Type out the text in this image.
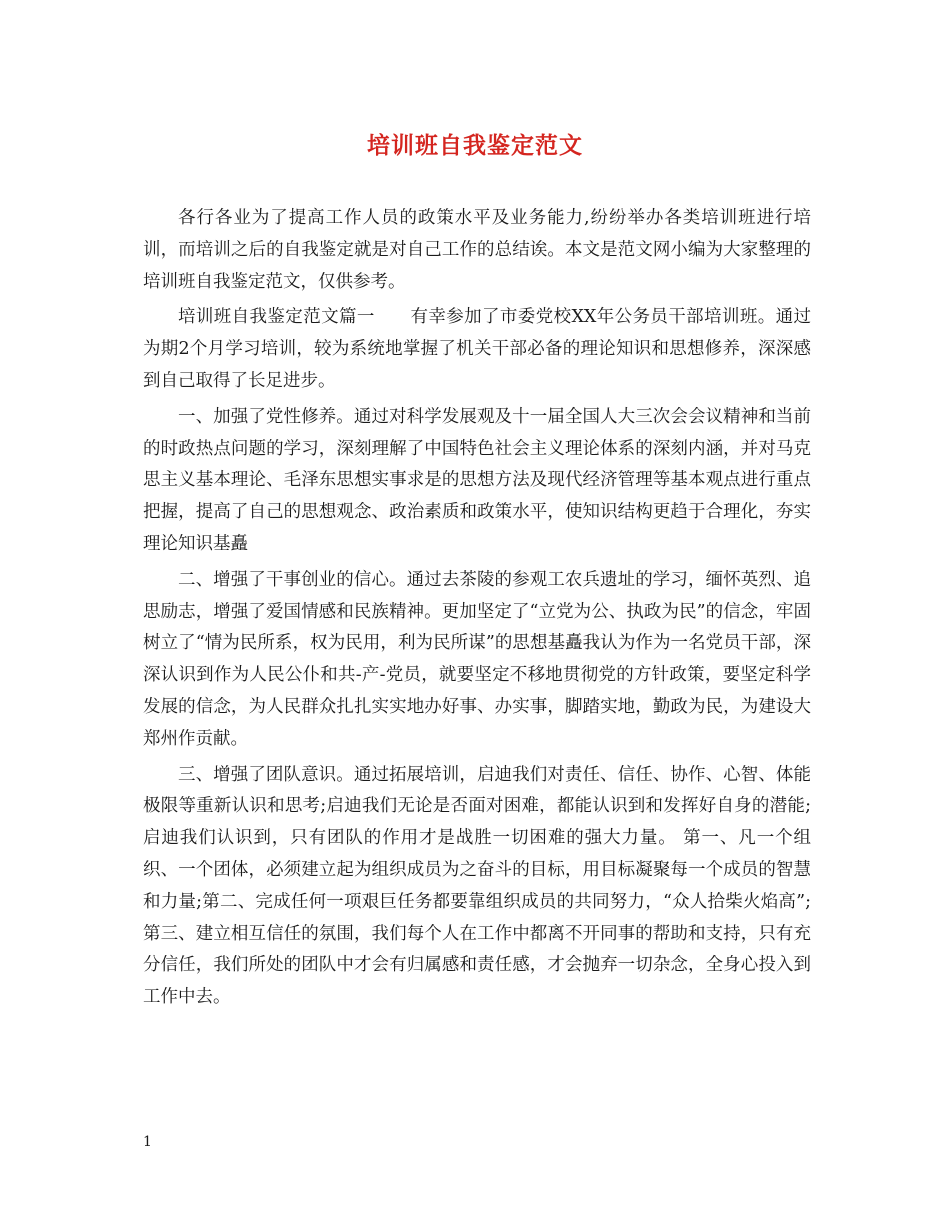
培训班自我鉴定范文

各行各业为了提高工作人员的政策水平及业务能力,纷纷举办各类培训班进行培训，而培训之后的自我鉴定就是对自己工作的总结诶。本文是范文网小编为大家整理的培训班自我鉴定范文，仅供参考。

培训班自我鉴定范文篇一　　有幸参加了市委党校XX年公务员干部培训班。通过为期2个月学习培训，较为系统地掌握了机关干部必备的理论知识和思想修养，深深感到自己取得了长足进步。

一、加强了党性修养。通过对科学发展观及十一届全国人大三次会会议精神和当前的时政热点问题的学习，深刻理解了中国特色社会主义理论体系的深刻内涵，并对马克思主义基本理论、毛泽东思想实事求是的思想方法及现代经济管理等基本观点进行重点把握，提高了自己的思想观念、政治素质和政策水平，使知识结构更趋于合理化，夯实理论知识基矗

二、增强了干事创业的信心。通过去茶陵的参观工农兵遗址的学习，缅怀英烈、追思励志，增强了爱国情感和民族精神。更加坚定了“立党为公、执政为民”的信念，牢固树立了“情为民所系，权为民用，利为民所谋”的思想基矗我认为作为一名党员干部，深深认识到作为人民公仆和共-产-党员，就要坚定不移地贯彻党的方针政策，要坚定科学发展的信念，为人民群众扎扎实实地办好事、办实事，脚踏实地，勤政为民，为建设大郑州作贡献。

三、增强了团队意识。通过拓展培训，启迪我们对责任、信任、协作、心智、体能极限等重新认识和思考;启迪我们无论是否面对困难，都能认识到和发挥好自身的潜能;启迪我们认识到，只有团队的作用才是战胜一切困难的强大力量。 第一、凡一个组织、一个团体，必须建立起为组织成员为之奋斗的目标，用目标凝聚每一个成员的智慧和力量;第二、完成任何一项艰巨任务都要靠组织成员的共同努力，“众人拾柴火焰高”;第三、建立相互信任的氛围，我们每个人在工作中都离不开同事的帮助和支持，只有充分信任，我们所处的团队中才会有归属感和责任感，才会抛弃一切杂念，全身心投入到工作中去。

1
